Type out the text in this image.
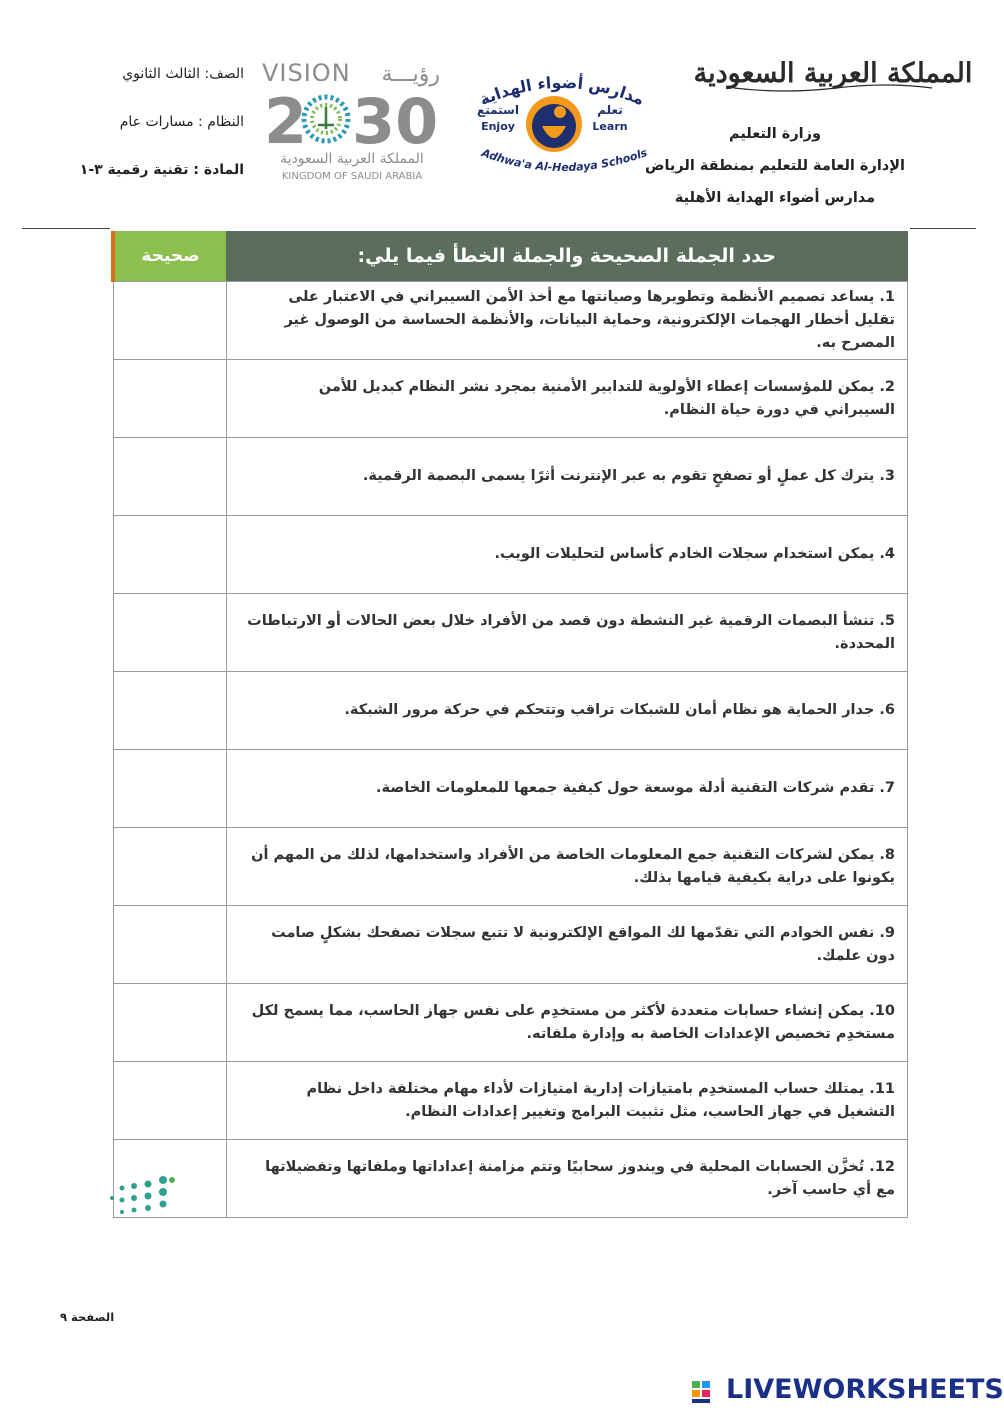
المملكة العربية السعودية
وزارة التعليم
الإدارة العامة للتعليم بمنطقة الرياض
مدارس أضواء الهداية الأهلية
مدارس أضواء الهداية
استمتع
Enjoy
تعلم
Learn
Adhwa'a Al-Hedaya Schools
VISION رؤيـــة
2 30
المملكة العربية السعودية
KINGDOM OF SAUDI ARABIA
الصف: الثالث الثانوي
النظام : مسارات عام
المادة : تقنية رقمية ٣-١
حدد الجملة الصحيحة والجملة الخطأ فيما يلي:	صحيحة
1. يساعد تصميم الأنظمة وتطويرها وصيانتها مع أخذ الأمن السيبراني في الاعتبار على تقليل أخطار الهجمات الإلكترونية، وحماية البيانات، والأنظمة الحساسة من الوصول غير المصرح به.	
2. يمكن للمؤسسات إعطاء الأولوية للتدابير الأمنية بمجرد نشر النظام كبديل للأمن السيبراني في دورة حياة النظام.	
3. يترك كل عملٍ أو تصفحٍ تقوم به عبر الإنترنت أثرًا يسمى البصمة الرقمية.	
4. يمكن استخدام سجلات الخادم كأساس لتحليلات الويب.	
5. تنشأ البصمات الرقمية غير النشطة دون قصد من الأفراد خلال بعض الحالات أو الارتباطات المحددة.	
6. جدار الحماية هو نظام أمان للشبكات تراقب وتتحكم في حركة مرور الشبكة.	
7. تقدم شركات التقنية أدلة موسعة حول كيفية جمعها للمعلومات الخاصة.	
8. يمكن لشركات التقنية جمع المعلومات الخاصة من الأفراد واستخدامها، لذلك من المهم أن يكونوا على دراية بكيفية قيامها بذلك.	
9. نفس الخوادم التي تقدّمها لك المواقع الإلكترونية لا تتبع سجلات تصفحك بشكلٍ صامت دون علمك.	
10. يمكن إنشاء حسابات متعددة لأكثر من مستخدِم على نفس جهاز الحاسب، مما يسمح لكل مستخدِم تخصيص الإعدادات الخاصة به وإدارة ملفاته.	
11. يمتلك حساب المستخدِم بامتيازات إدارية امتيازات لأداء مهام مختلفة داخل نظام التشغيل في جهاز الحاسب، مثل تثبيت البرامج وتغيير إعدادات النظام.	
12. تُخزَّن الحسابات المحلية في ويندوز سحابيًا وتتم مزامنة إعداداتها وملفاتها وتفضيلاتها مع أي حاسب آخر.	
الصفحة ٩
LIVEWORKSHEETS
